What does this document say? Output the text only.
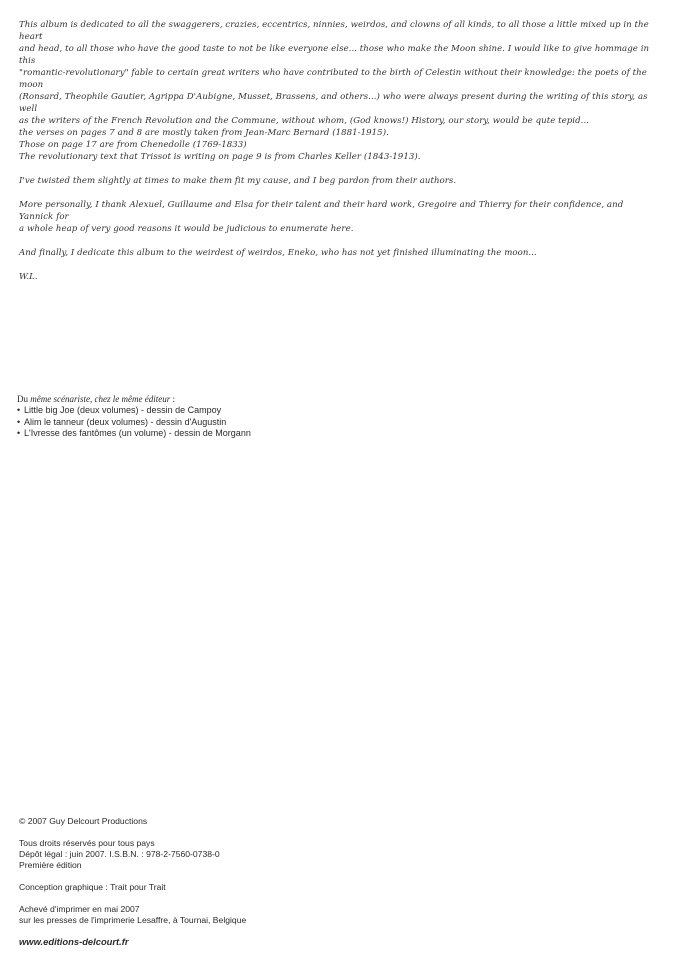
This album is dedicated to all the swaggerers, crazies, eccentrics, ninnies, weirdos, and clowns of all kinds, to all those a little mixed up in the heart
and head, to all those who have the good taste to not be like everyone else... those who make the Moon shine. I would like to give hommage in this
"romantic-revolutionary" fable to certain great writers who have contributed to the birth of Celestin without their knowledge: the poets of the moon
(Ronsard, Theophile Gautier, Agrippa D'Aubigne, Musset, Brassens, and others...) who were always present during the writing of this story, as well
as the writers of the French Revolution and the Commune, without whom, (God knows!) History, our story, would be qute tepid...
the verses on pages 7 and 8 are mostly taken from Jean-Marc Bernard (1881-1915).
Those on page 17 are from Chenedolle (1769-1833)
The revolutionary text that Trissot is writing on page 9 is from Charles Keller (1843-1913).

I've twisted them slightly at times to make them fit my cause, and I beg pardon from their authors.

More personally, I thank Alexuel, Guillaume and Elsa for their talent and their hard work, Gregoire and Thierry for their confidence, and Yannick for
a whole heap of very good reasons it would be judicious to enumerate here.

And finally, I dedicate this album to the weirdest of weirdos, Eneko, who has not yet finished illuminating the moon...

W.L.

Du même scénariste, chez le même éditeur :
• Little big Joe (deux volumes) - dessin de Campoy
• Alim le tanneur (deux volumes) - dessin d'Augustin
• L'Ivresse des fantômes (un volume) - dessin de Morgann

© 2007 Guy Delcourt Productions

Tous droits réservés pour tous pays
Dépôt légal : juin 2007. I.S.B.N. : 978-2-7560-0738-0
Première édition

Conception graphique : Trait pour Trait

Achevé d'imprimer en mai 2007
sur les presses de l'imprimerie Lesaffre, à Tournai, Belgique

www.editions-delcourt.fr
